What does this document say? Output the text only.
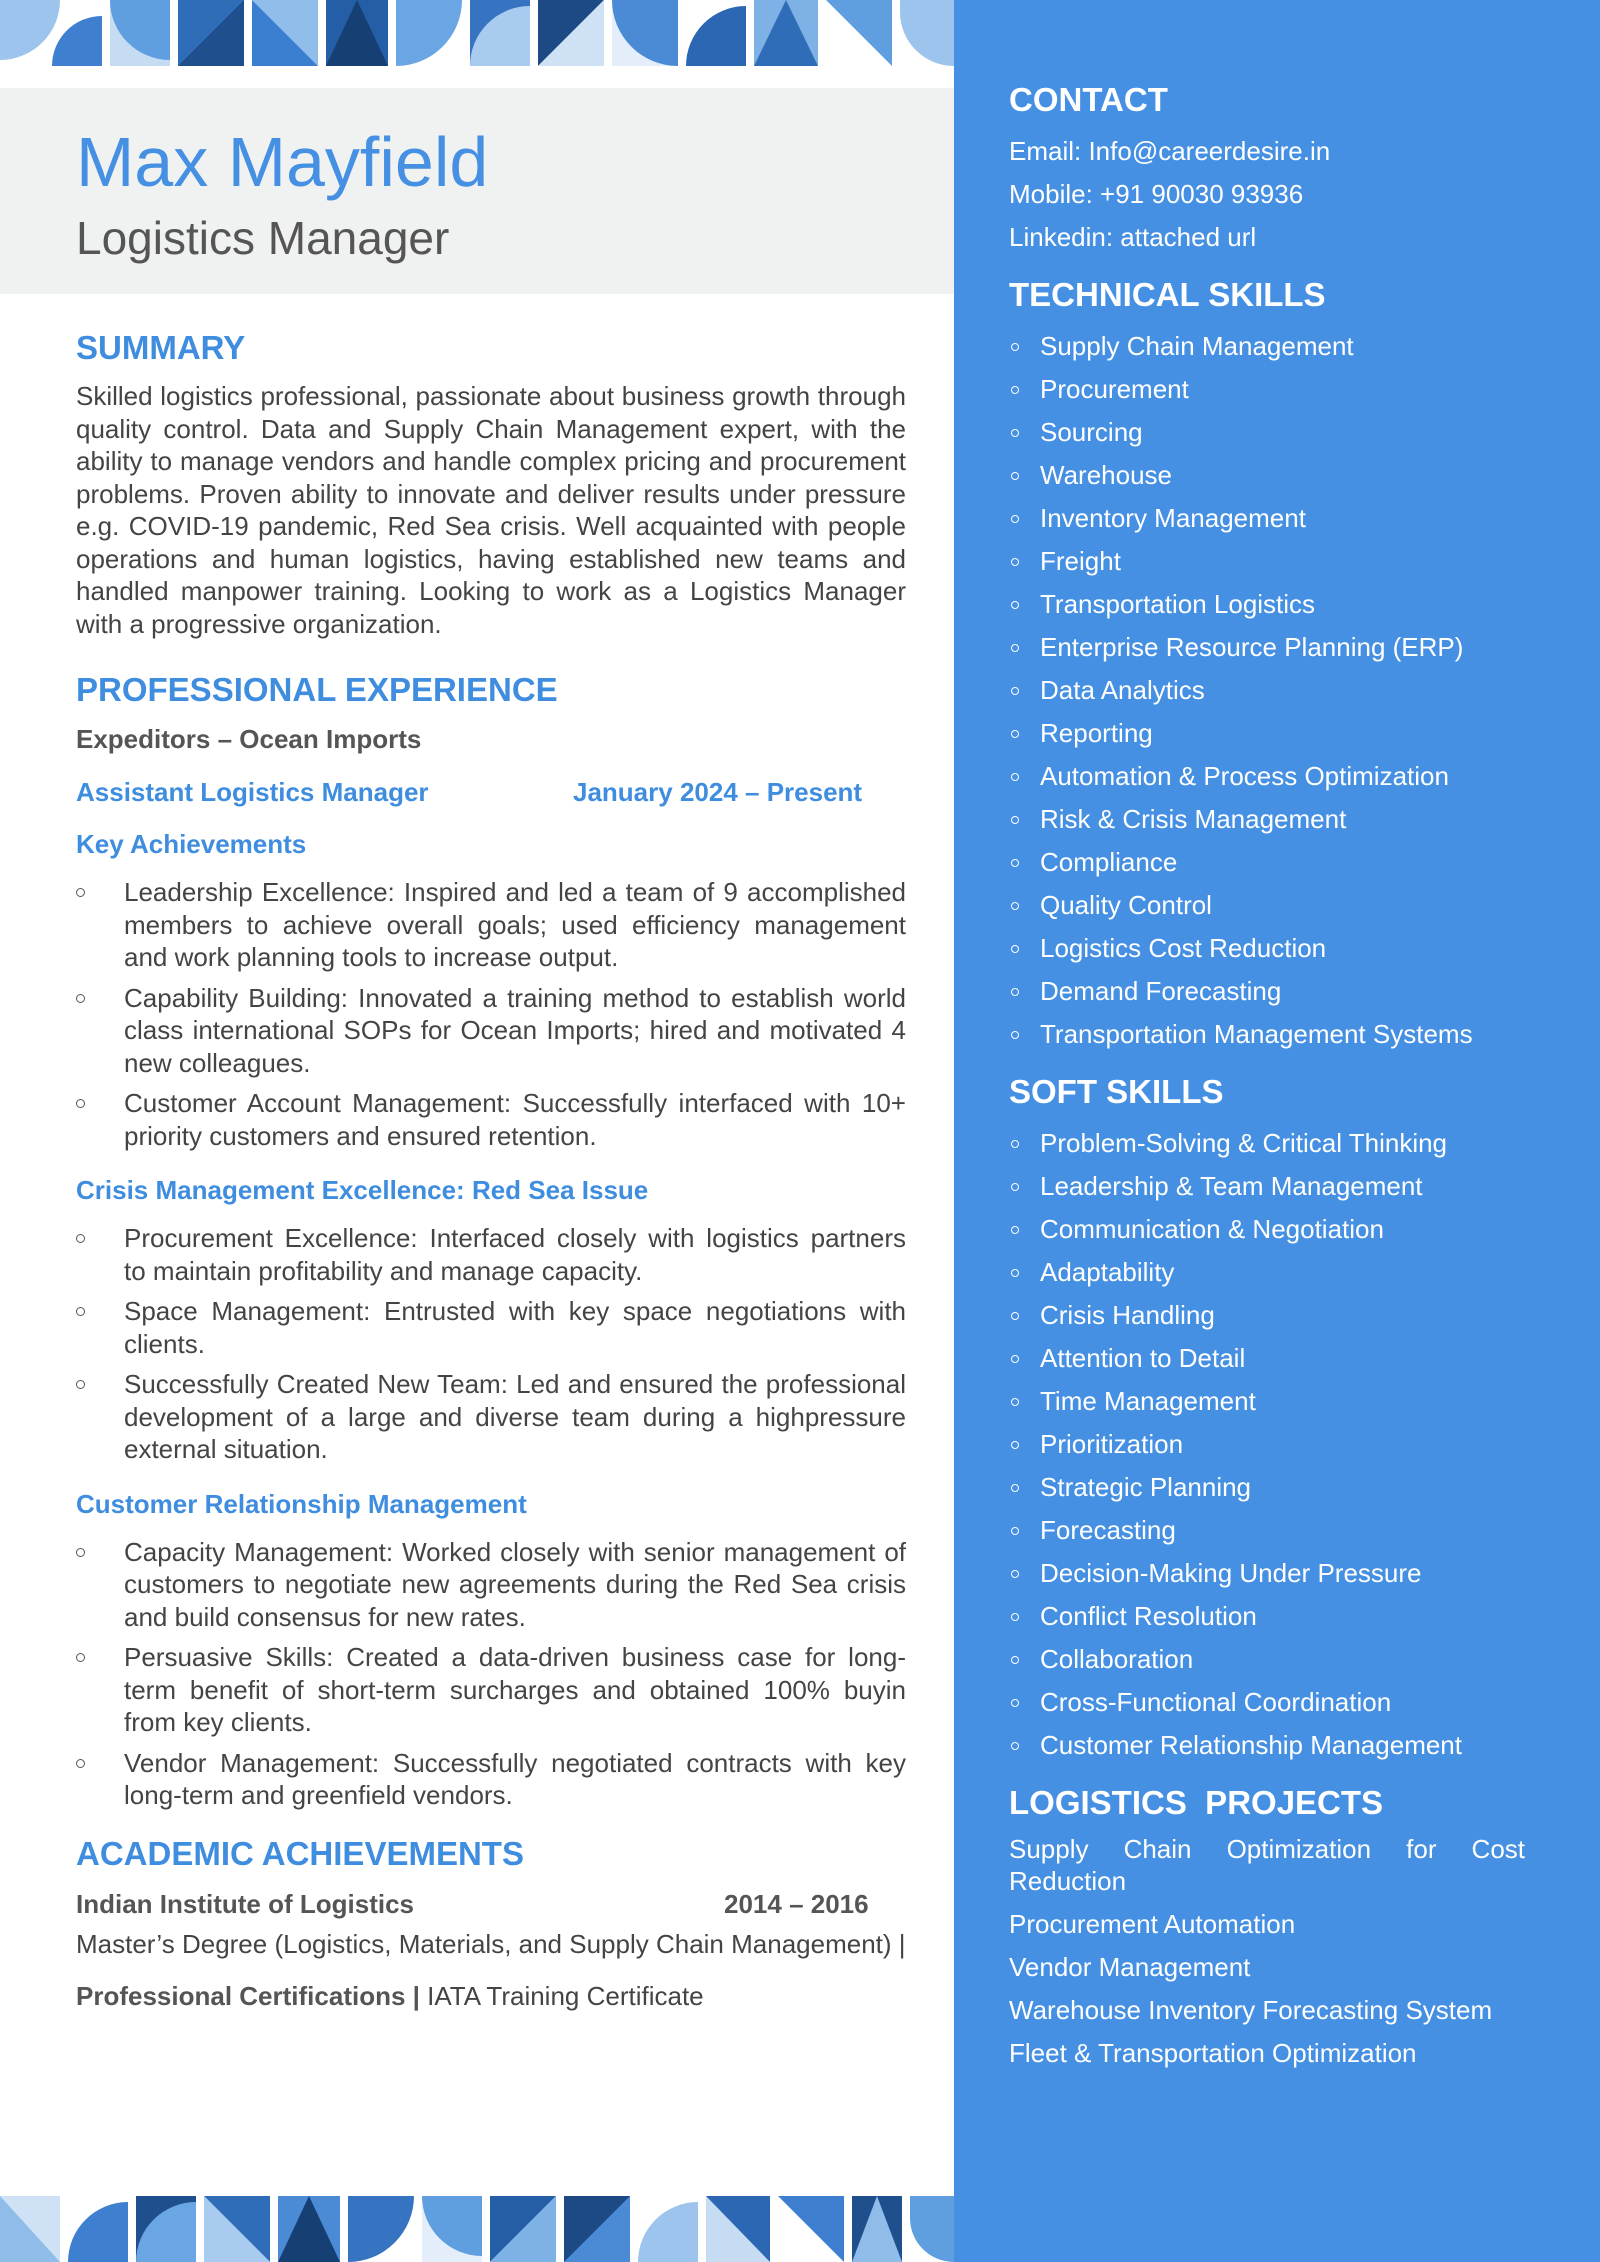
Max Mayfield
Logistics Manager
SUMMARY

Skilled logistics professional, passionate about business growth through quality control. Data and Supply Chain Management expert, with the ability to manage vendors and handle complex pricing and procurement problems. Proven ability to innovate and deliver results under pressure e.g. COVID-19 pandemic, Red Sea crisis. Well acquainted with people operations and human logistics, having established new teams and handled manpower training. Looking to work as a Logistics Manager with a progressive organization.

PROFESSIONAL EXPERIENCE
Expeditors – Ocean Imports
Assistant Logistics Manager	January 2024 – Present
Key Achievements
Leadership Excellence: Inspired and led a team of 9 accomplished members to achieve overall goals; used efficiency management and work planning tools to increase output.
Capability Building: Innovated a training method to establish world class international SOPs for Ocean Imports; hired and motivated 4 new colleagues.
Customer Account Management: Successfully interfaced with 10+ priority customers and ensured retention.
Crisis Management Excellence: Red Sea Issue
Procurement Excellence: Interfaced closely with logistics partners to maintain profitability and manage capacity.
Space Management: Entrusted with key space negotiations with clients.
Successfully Created New Team: Led and ensured the professional development of a large and diverse team during a highpressure external situation.
Customer Relationship Management
Capacity Management: Worked closely with senior management of customers to negotiate new agreements during the Red Sea crisis and build consensus for new rates.
Persuasive Skills: Created a data-driven business case for long-term benefit of short-term surcharges and obtained 100% buyin from key clients.
Vendor Management: Successfully negotiated contracts with key long-term and greenfield vendors.
ACADEMIC ACHIEVEMENTS
Indian Institute of Logistics	2014 – 2016

Master’s Degree (Logistics, Materials, and Supply Chain Management) |

Professional Certifications | IATA Training Certificate
CONTACT
Email: Info@careerdesire.in
Mobile: +91 90030 93936
Linkedin: attached url
TECHNICAL SKILLS
Supply Chain Management
Procurement
Sourcing
Warehouse
Inventory Management
Freight
Transportation Logistics
Enterprise Resource Planning (ERP)
Data Analytics
Reporting
Automation & Process Optimization
Risk & Crisis Management
Compliance
Quality Control
Logistics Cost Reduction
Demand Forecasting
Transportation Management Systems
SOFT SKILLS
Problem-Solving & Critical Thinking
Leadership & Team Management
Communication & Negotiation
Adaptability
Crisis Handling
Attention to Detail
Time Management
Prioritization
Strategic Planning
Forecasting
Decision-Making Under Pressure
Conflict Resolution
Collaboration
Cross-Functional Coordination
Customer Relationship Management
LOGISTICS  PROJECTS
Supply Chain Optimization for Cost Reduction
Procurement Automation
Vendor Management
Warehouse Inventory Forecasting System
Fleet & Transportation Optimization
